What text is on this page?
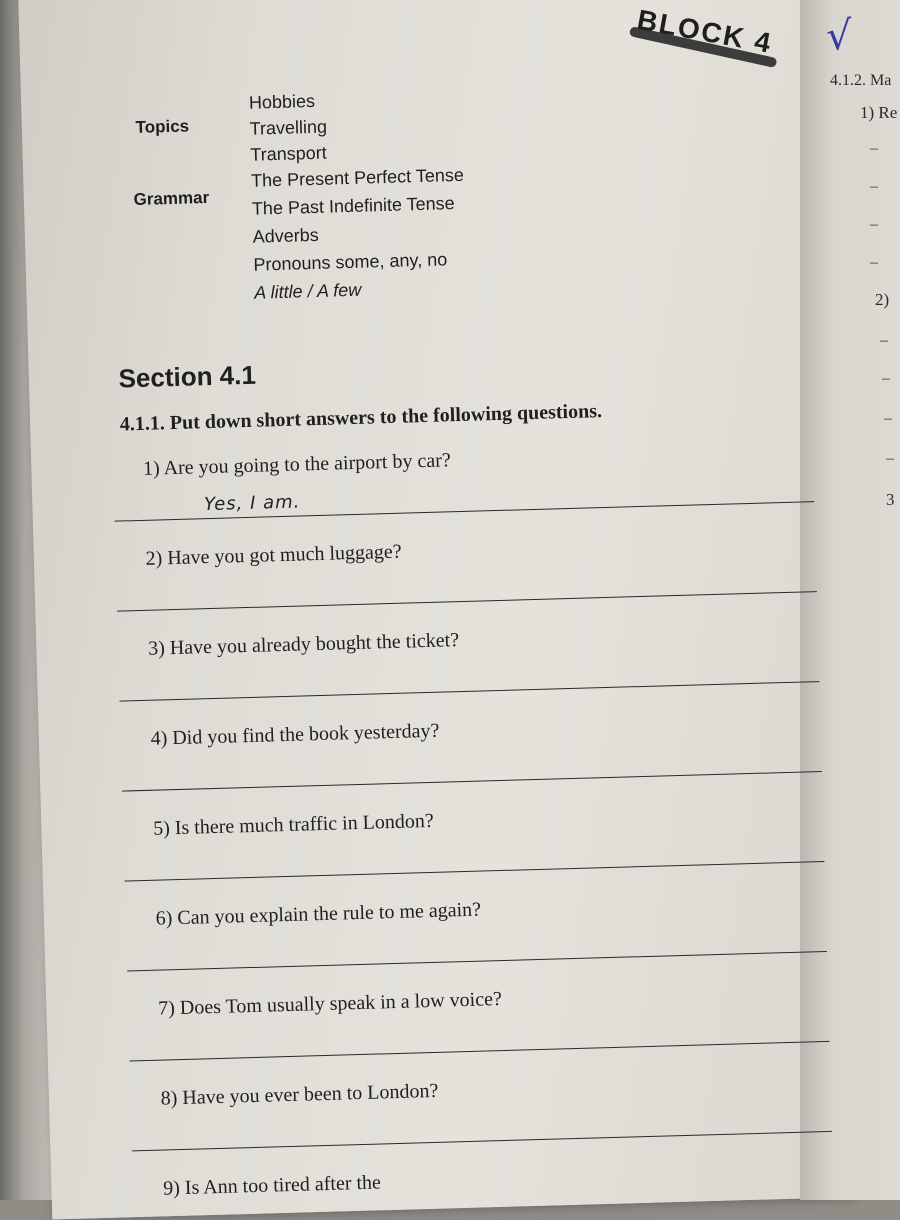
4.1.2. Ma
1) Re
–
–
–
–
2)
–
–
–
–
3
BLOCK 4 √
Topics
Hobbies
Travelling
Transport
Grammar
The Present Perfect Tense
The Past Indefinite Tense
Adverbs
Pronouns some, any, no
A little / A few
Section 4.1
4.1.1. Put down short answers to the following questions.
1) Are you going to the airport by car?
Yes, I am.
2) Have you got much luggage?
3) Have you already bought the ticket?
4) Did you find the book yesterday?
5) Is there much traffic in London?
6) Can you explain the rule to me again?
7) Does Tom usually speak in a low voice?
8) Have you ever been to London?
9) Is Ann too tired after the
